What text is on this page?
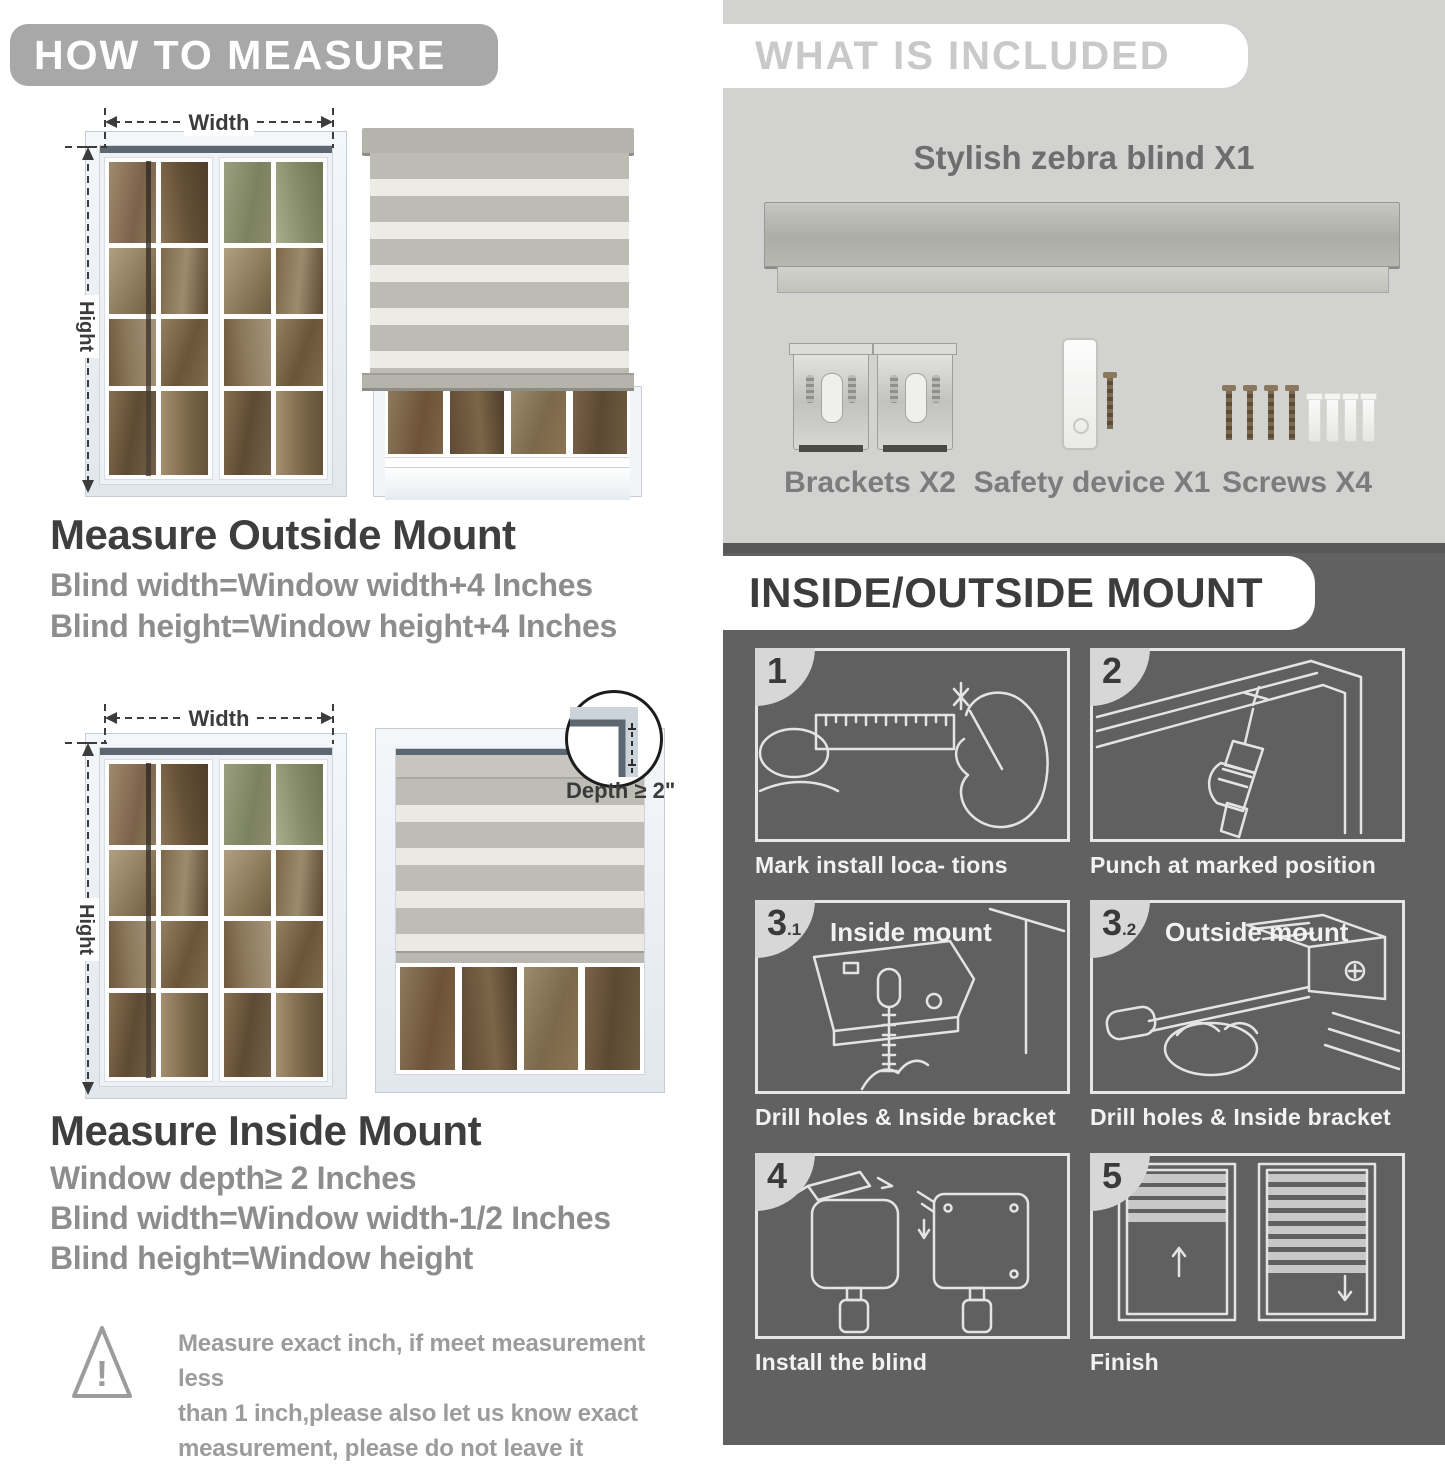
HOW TO MEASURE
Width
Hight
Measure Outside Mount
Blind width=Window width+4 Inches
Blind height=Window height+4 Inches
Width
Hight
Depth ≥ 2"
Measure Inside Mount
Window depth≥ 2 Inches
Blind width=Window width-1/2 Inches
Blind height=Window height
!
Measure exact inch, if meet measurement less
than 1 inch,please also let us know exact
measurement, please do not leave it
WHAT IS INCLUDED
Stylish zebra blind X1
Brackets X2 Safety device X1 Screws X4
INSIDE/OUTSIDE MOUNT
1
Mark install loca- tions
2
Punch at marked position
3.1	Inside mount
Drill holes & Inside bracket
3.2	Outside mount
Drill holes & Inside bracket
4
Install the blind
5
Finish
